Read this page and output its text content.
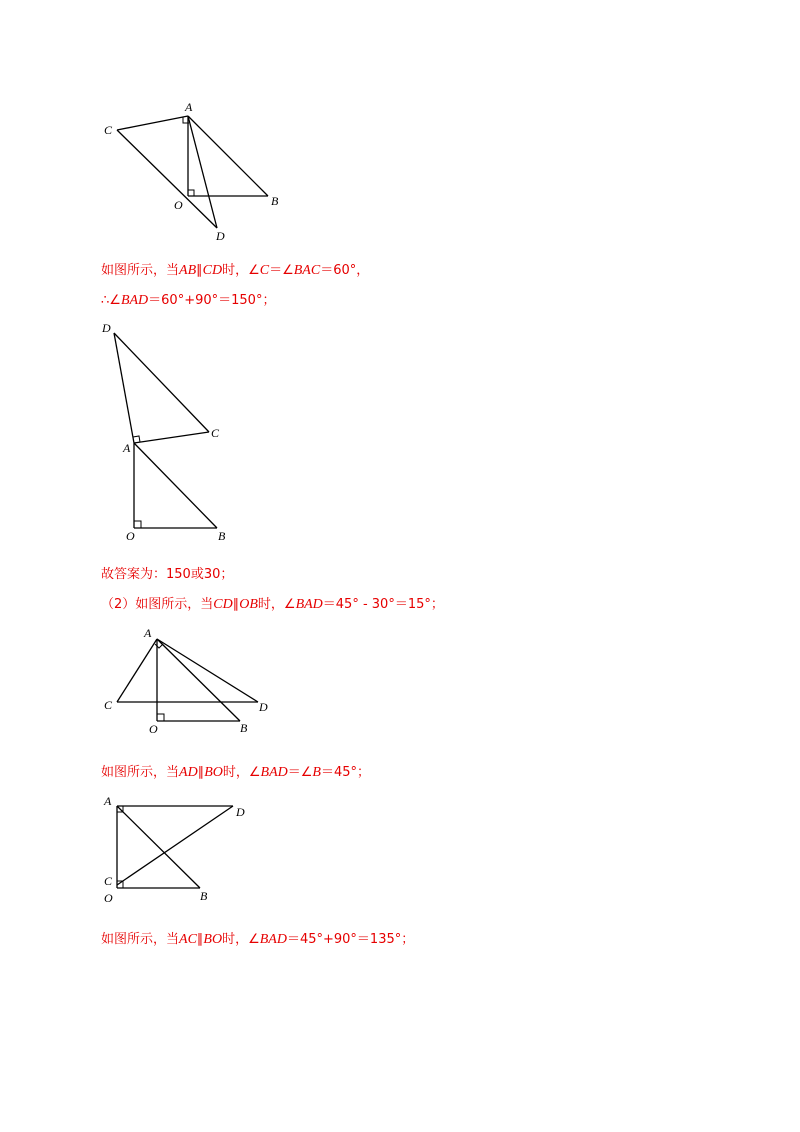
A
C
O	B
D
如图所示，当AB∥CD时，∠C＝∠BAC＝60°，
∴∠BAD＝60°+90°＝150°；
D
C
A
O	B
故答案为：150或30；
（2）如图所示，当CD∥OB时，∠BAD＝45° - 30°＝15°；
A
C	D
O	B
如图所示，当AD∥BO时，∠BAD＝∠B＝45°；
A
D
C
O	B
如图所示，当AC∥BO时，∠BAD＝45°+90°＝135°；
